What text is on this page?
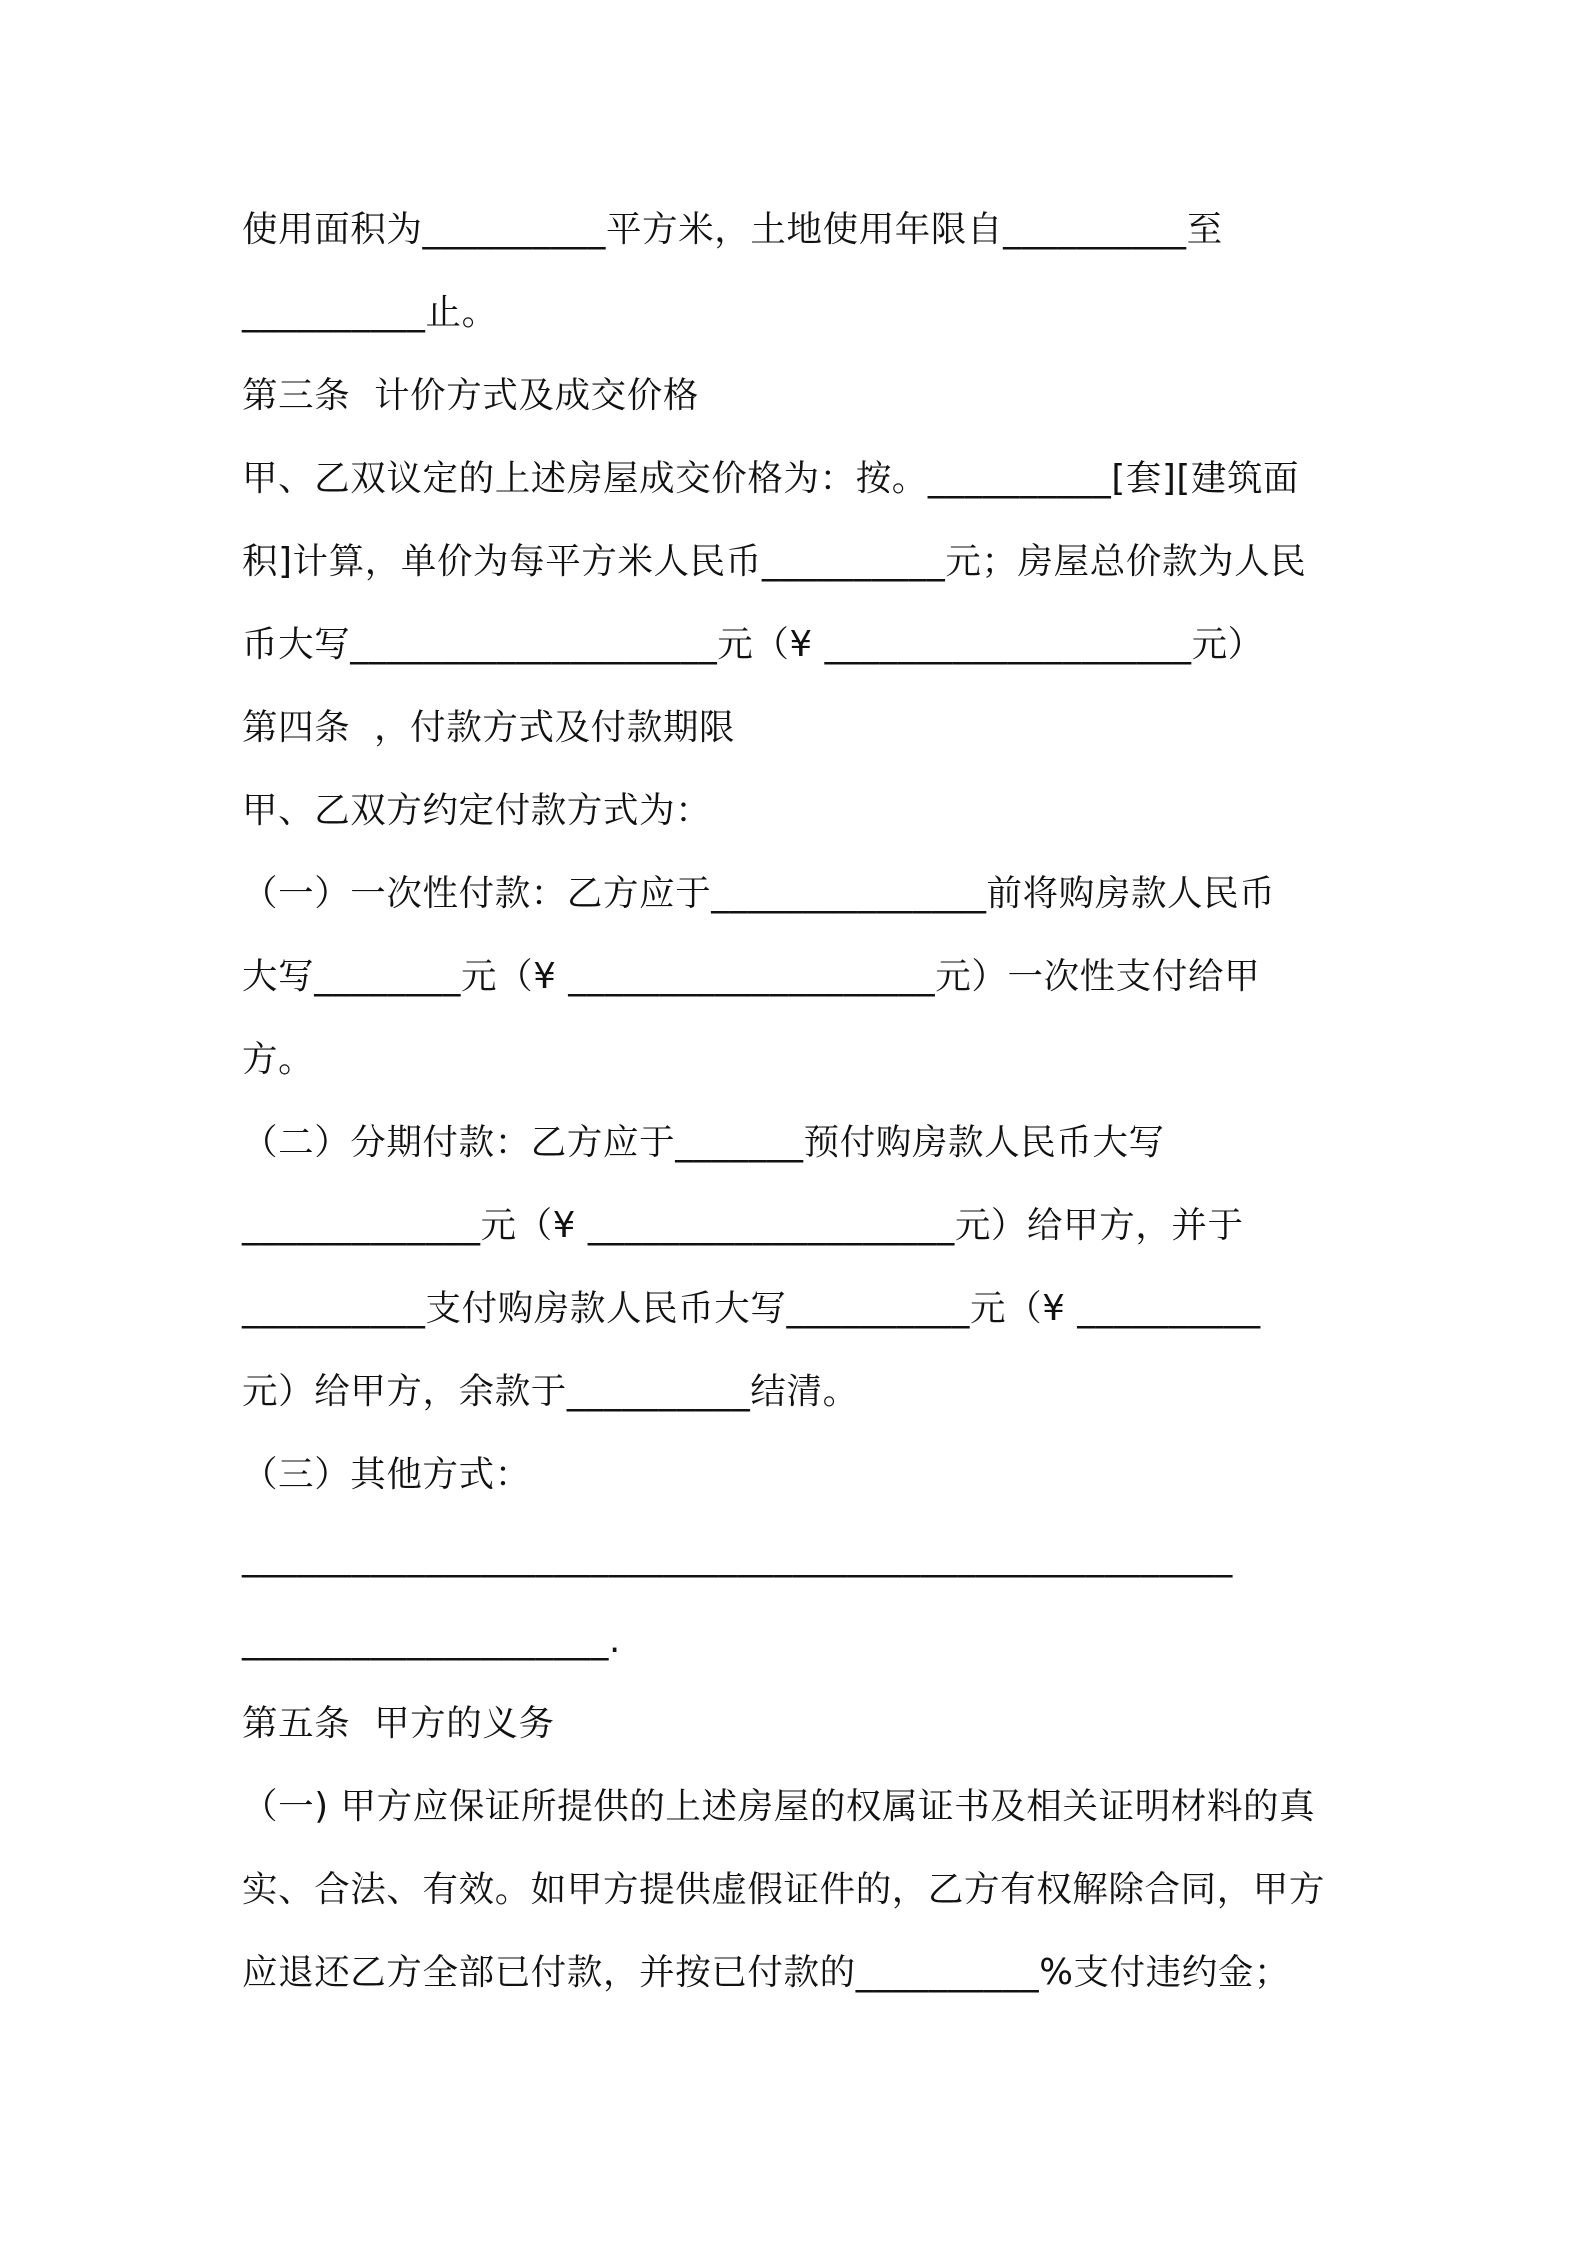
使用面积为__________平方米，土地使用年限自__________至
__________止。
第三条  计价方式及成交价格
甲、乙双议定的上述房屋成交价格为：按。__________[套][建筑面
积]计算，单价为每平方米人民币__________元；房屋总价款为人民
币大写____________________元（¥ ____________________元）
第四条  ，付款方式及付款期限
甲、乙双方约定付款方式为：
（一）一次性付款：乙方应于_______________前将购房款人民币
大写________元（¥ ____________________元）一次性支付给甲
方。
（二）分期付款：乙方应于_______预付购房款人民币大写
_____________元（¥ ____________________元）给甲方，并于
__________支付购房款人民币大写__________元（¥ __________
元）给甲方，余款于__________结清。
（三）其他方式：
______________________________________________________
____________________.
第五条  甲方的义务
（一) 甲方应保证所提供的上述房屋的权属证书及相关证明材料的真
实、合法、有效。如甲方提供虚假证件的，乙方有权解除合同，甲方
应退还乙方全部已付款，并按已付款的__________%支付违约金；
